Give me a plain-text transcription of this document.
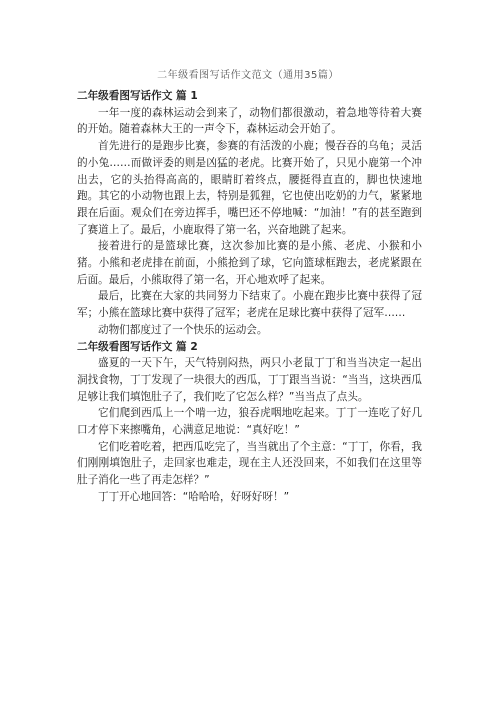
二年级看图写话作文范文（通用35篇）

二年级看图写话作文 篇 1

一年一度的森林运动会到来了，动物们都很激动，着急地等待着大赛的开始。随着森林大王的一声令下，森林运动会开始了。

首先进行的是跑步比赛，参赛的有活泼的小鹿；慢吞吞的乌龟；灵活的小兔……而做评委的则是凶猛的老虎。比赛开始了，只见小鹿第一个冲出去，它的头抬得高高的，眼睛盯着终点，腰挺得直直的，脚也快速地跑。其它的小动物也跟上去，特别是狐狸，它也使出吃奶的力气，紧紧地跟在后面。观众们在旁边挥手，嘴巴还不停地喊：“加油！”有的甚至跑到了赛道上了。最后，小鹿取得了第一名，兴奋地跳了起来。

接着进行的是篮球比赛，这次参加比赛的是小熊、老虎、小猴和小猪。小熊和老虎排在前面，小熊抢到了球，它向篮球框跑去，老虎紧跟在后面。最后，小熊取得了第一名，开心地欢呼了起来。

最后，比赛在大家的共同努力下结束了。小鹿在跑步比赛中获得了冠军；小熊在篮球比赛中获得了冠军；老虎在足球比赛中获得了冠军……

动物们都度过了一个快乐的运动会。

二年级看图写话作文 篇 2

盛夏的一天下午，天气特别闷热，两只小老鼠丁丁和当当决定一起出洞找食物，丁丁发现了一块很大的西瓜，丁丁跟当当说：“当当，这块西瓜足够让我们填饱肚子了，我们吃了它怎么样？”当当点了点头。

它们爬到西瓜上一个啃一边，狼吞虎咽地吃起来。丁丁一连吃了好几口才停下来擦嘴角，心满意足地说：“真好吃！”

它们吃着吃着，把西瓜吃完了，当当就出了个主意：“丁丁，你看，我们刚刚填饱肚子，走回家也难走，现在主人还没回来，不如我们在这里等肚子消化一些了再走怎样？”

丁丁开心地回答：“哈哈哈，好呀好呀！”
